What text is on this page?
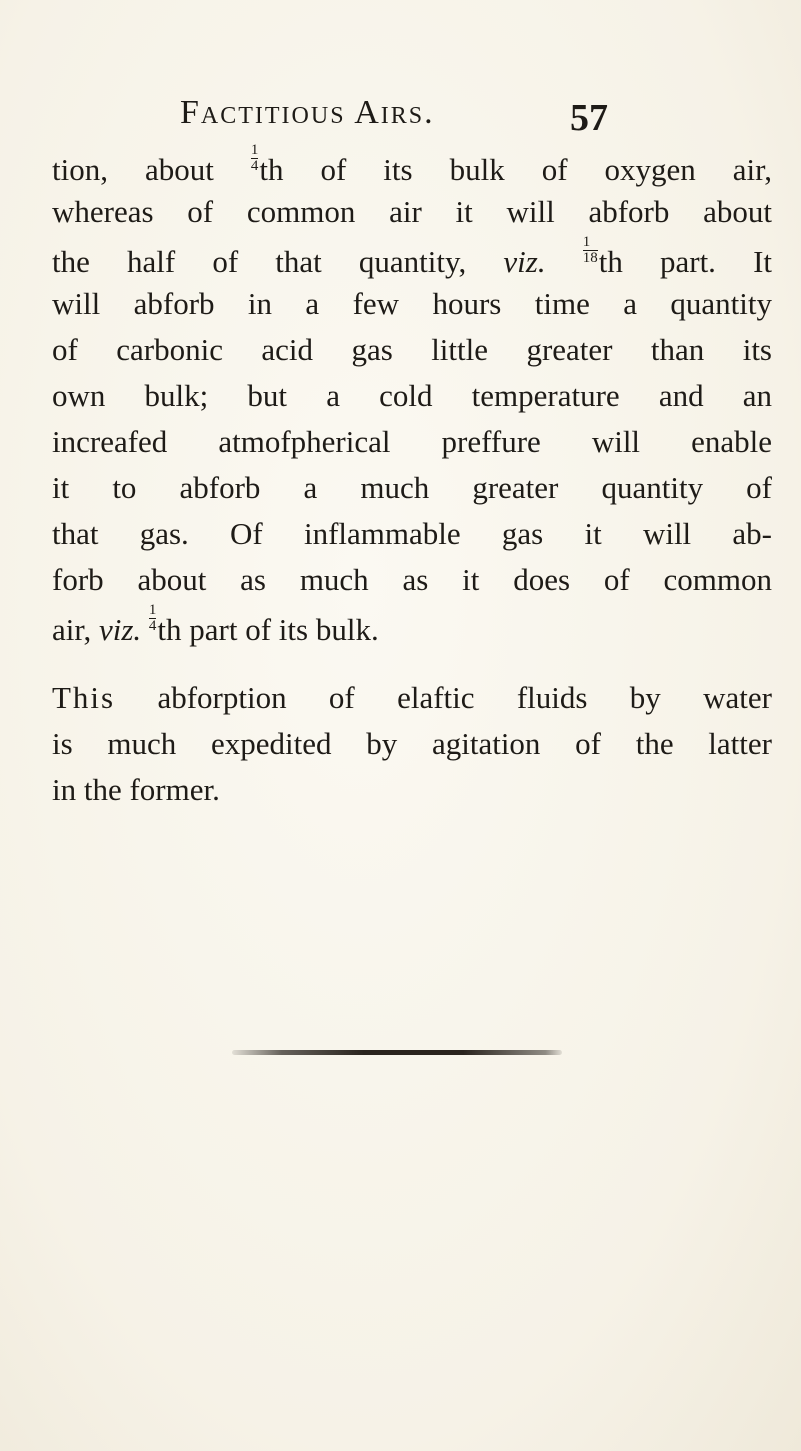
Factitious Airs.	57
tion, about $\frac{1}{4}$ th of its bulk of oxygen air,
whereas of common air it will abforb about
the half of that quantity, viz. $\frac{1}{18}$ th part. It
will abforb in a few hours time a quantity
of carbonic acid gas little greater than its
own bulk; but a cold temperature and an
increafed atmofpherical preffure will enable
it to abforb a much greater quantity of
that gas. Of inflammable gas it will ab-
forb about as much as it does of common
air, viz. $\frac{1}{4}$ th part of its bulk.
This abforption of elaftic fluids by water
is much expedited by agitation of the latter
in the former.
